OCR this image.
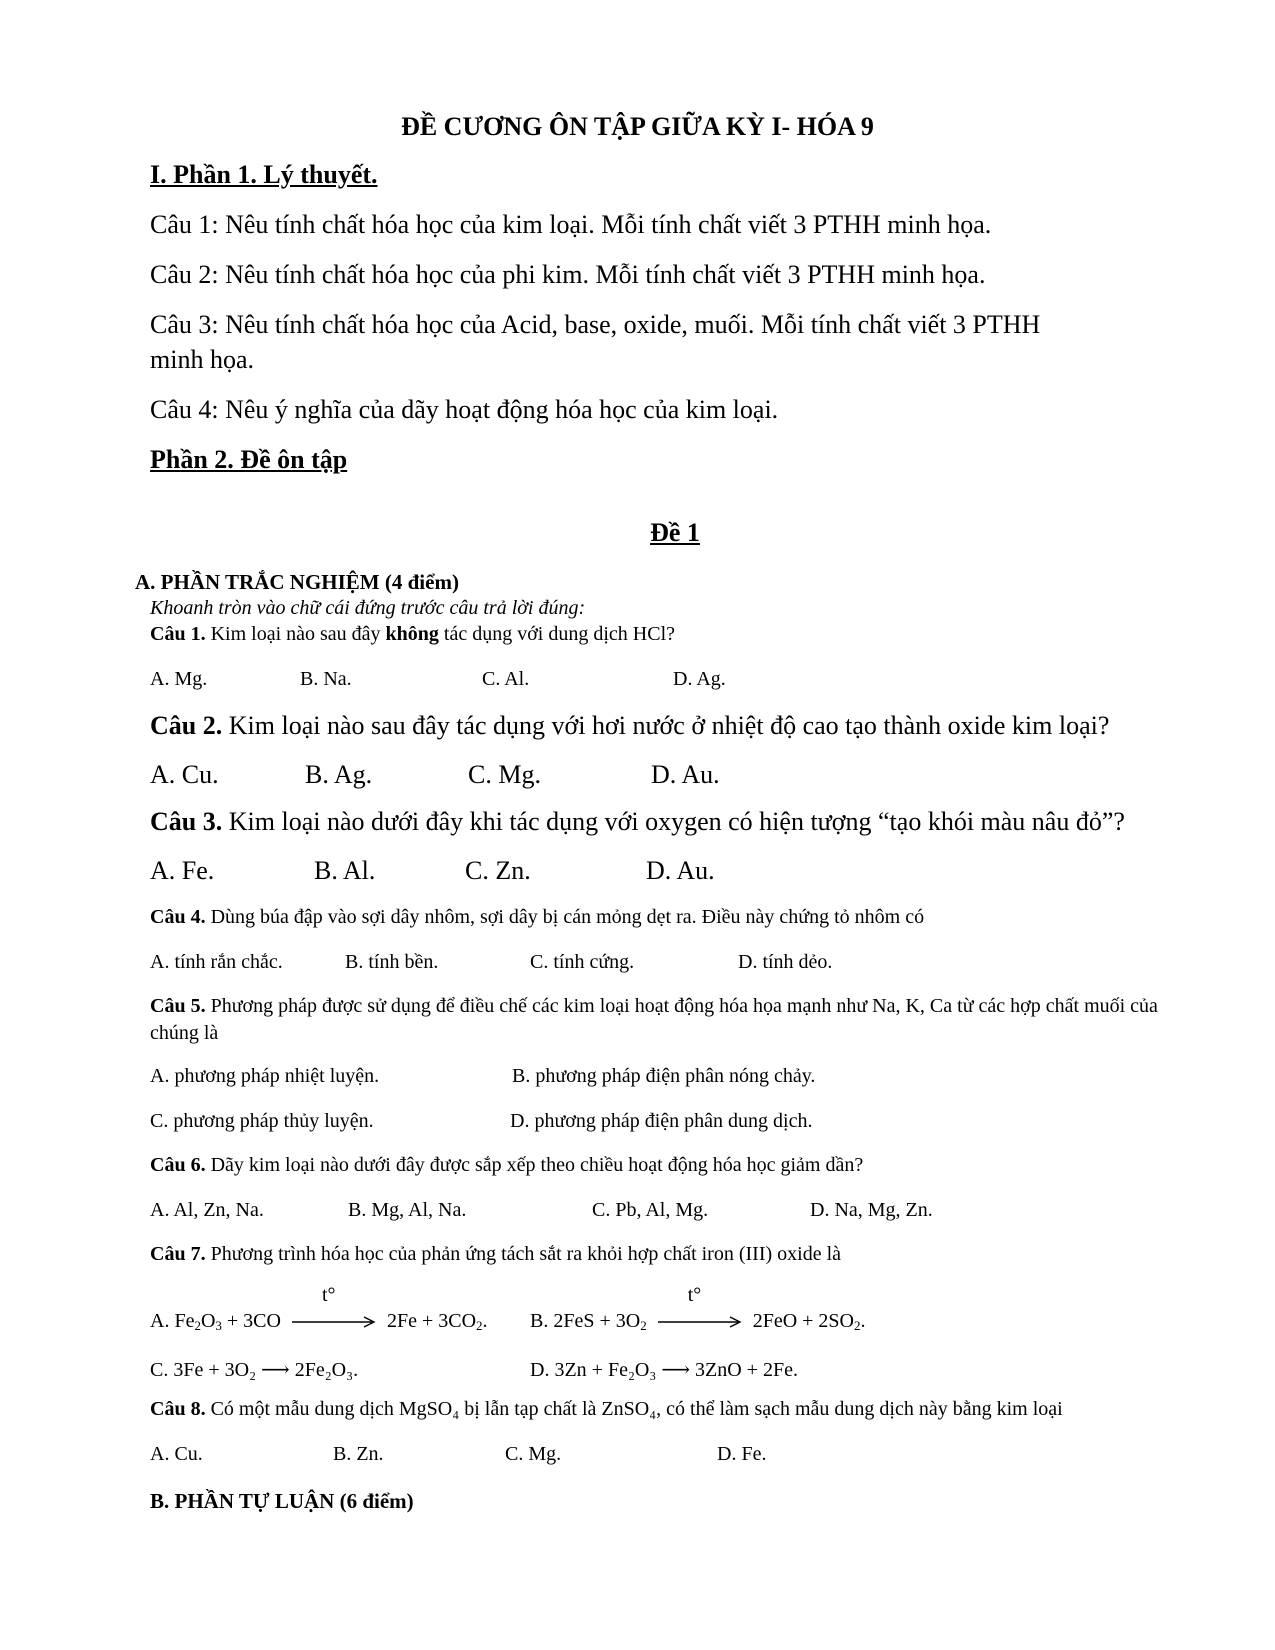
ĐỀ CƯƠNG ÔN TẬP GIỮA KỲ I- HÓA 9
I. Phần 1. Lý thuyết.
Câu 1: Nêu tính chất hóa học của kim loại. Mỗi tính chất viết 3 PTHH minh họa.
Câu 2: Nêu tính chất hóa học của phi kim. Mỗi tính chất viết 3 PTHH minh họa.
Câu 3: Nêu tính chất hóa học của Acid, base, oxide, muối. Mỗi tính chất viết 3 PTHH
minh họa.
Câu 4: Nêu ý nghĩa của dãy hoạt động hóa học của kim loại.
Phần 2. Đề ôn tập
Đề 1
A. PHẦN TRẮC NGHIỆM (4 điểm)
Khoanh tròn vào chữ cái đứng trước câu trả lời đúng:
Câu 1. Kim loại nào sau đây không tác dụng với dung dịch HCl?
A. Mg.	B. Na.	C. Al.	D. Ag.
Câu 2. Kim loại nào sau đây tác dụng với hơi nước ở nhiệt độ cao tạo thành oxide kim loại?
A. Cu.	B. Ag.	C. Mg.	D. Au.
Câu 3. Kim loại nào dưới đây khi tác dụng với oxygen có hiện tượng “tạo khói màu nâu đỏ”?
A. Fe.	B. Al.	C. Zn.	D. Au.
Câu 4. Dùng búa đập vào sợi dây nhôm, sợi dây bị cán mỏng dẹt ra. Điều này chứng tỏ nhôm có
A. tính rắn chắc.	B. tính bền.	C. tính cứng.	D. tính dẻo.
Câu 5. Phương pháp được sử dụng để điều chế các kim loại hoạt động hóa họa mạnh như Na, K, Ca từ các hợp chất muối của chúng là
A. phương pháp nhiệt luyện.	B. phương pháp điện phân nóng chảy.
C. phương pháp thủy luyện.	D. phương pháp điện phân dung dịch.
Câu 6. Dãy kim loại nào dưới đây được sắp xếp theo chiều hoạt động hóa học giảm dần?
A. Al, Zn, Na.	B. Mg, Al, Na.	C. Pb, Al, Mg.	D. Na, Mg, Zn.
Câu 7. Phương trình hóa học của phản ứng tách sắt ra khỏi hợp chất iron (III) oxide là
A. $Fe_2O_3 + 3CO$
t°
$2Fe + 3CO_2$. B. $2FeS + 3O_2$
t°
$2FeO + 2SO_2$.
C. 3Fe + 3O₂ ⟶ 2Fe₂O₃.	D. 3Zn + Fe₂O₃ ⟶ 3ZnO + 2Fe.
Câu 8. Có một mẫu dung dịch MgSO₄ bị lẫn tạp chất là ZnSO₄, có thể làm sạch mẫu dung dịch này bằng kim loại
A. Cu.	B. Zn.	C. Mg.	D. Fe.
B. PHẦN TỰ LUẬN (6 điểm)
